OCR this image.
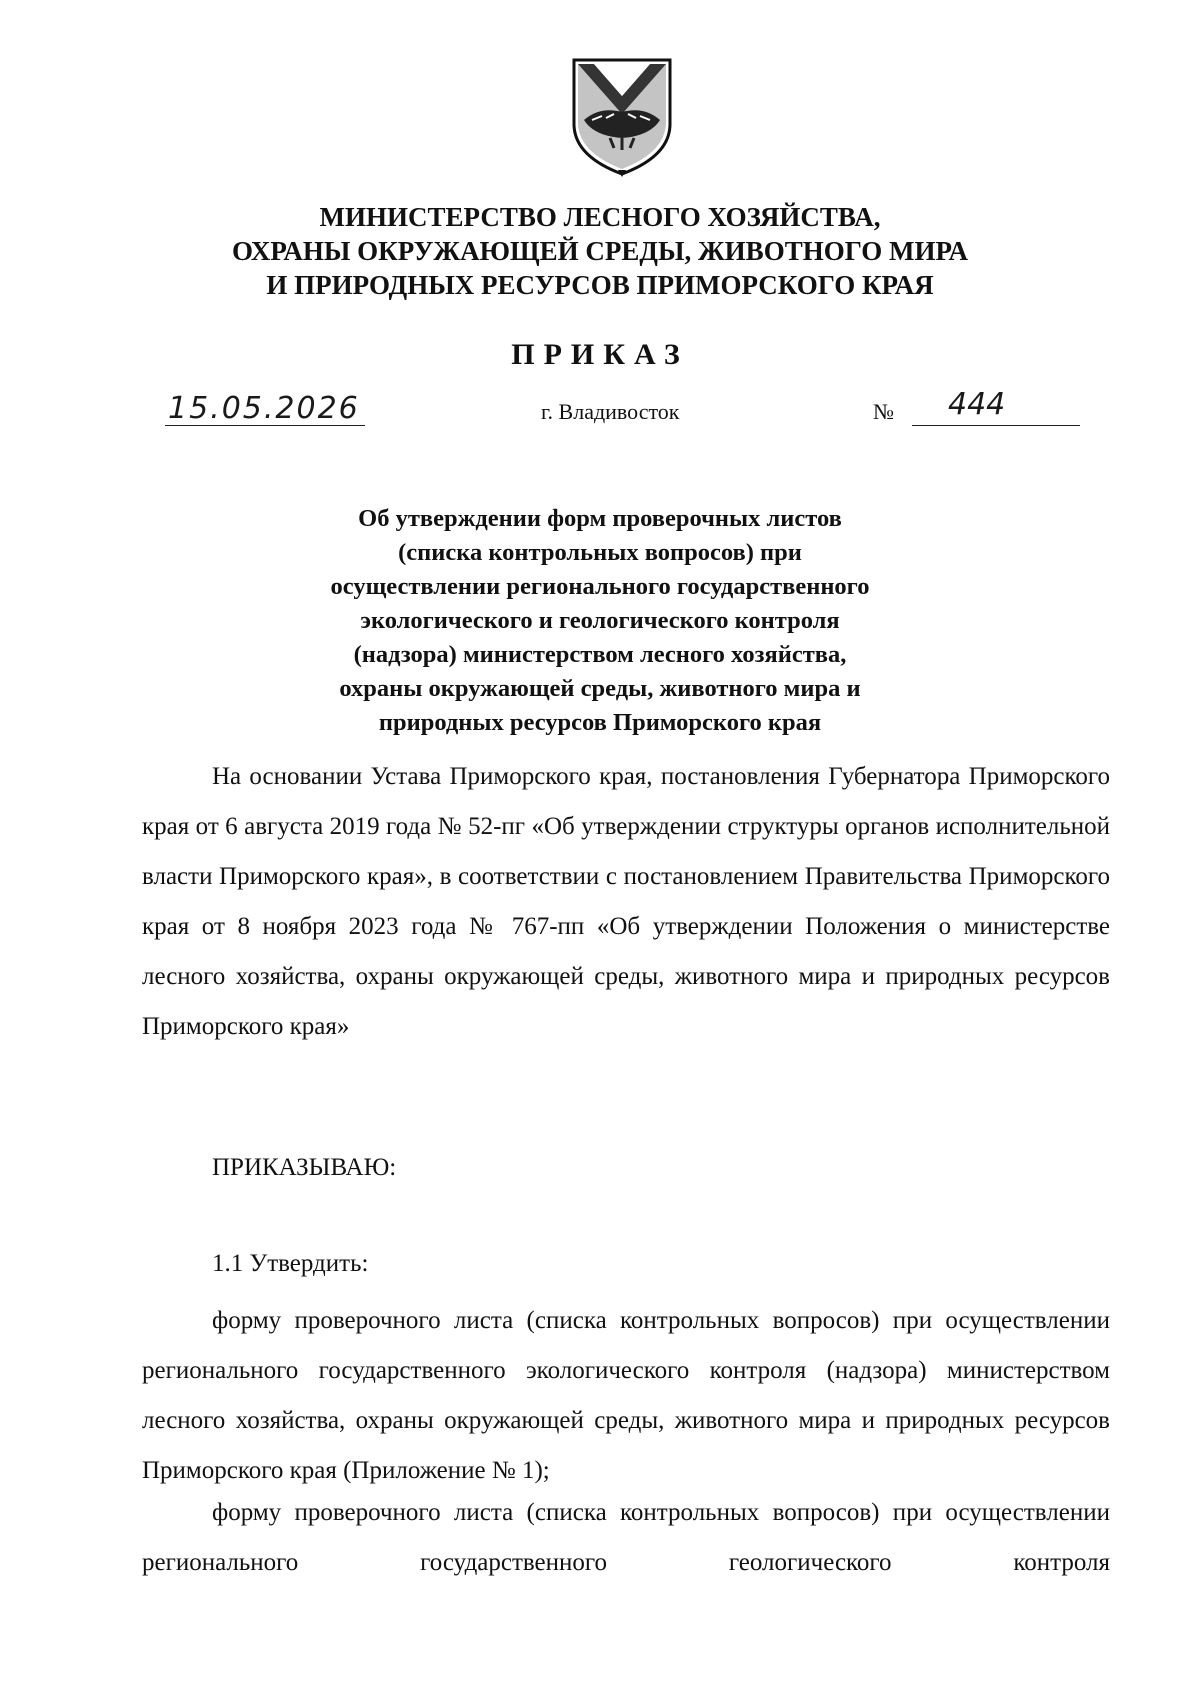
МИНИСТЕРСТВО ЛЕСНОГО ХОЗЯЙСТВА,
ОХРАНЫ ОКРУЖАЮЩЕЙ СРЕДЫ, ЖИВОТНОГО МИРА
И ПРИРОДНЫХ РЕСУРСОВ ПРИМОРСКОГО КРАЯ
ПРИКАЗ
15.05.2026	г. Владивосток	№ 444
Об утверждении форм проверочных листов
(списка контрольных вопросов) при
осуществлении регионального государственного
экологического и геологического контроля
(надзора) министерством лесного хозяйства,
охраны окружающей среды, животного мира и
природных ресурсов Приморского края

На основании Устава Приморского края, постановления Губернатора Приморского края от 6 августа 2019 года № 52-пг «Об утверждении структуры органов исполнительной власти Приморского края», в соответствии с постановлением Правительства Приморского края от 8 ноября 2023 года № 767-пп «Об утверждении Положения о министерстве лесного хозяйства, охраны окружающей среды, животного мира и природных ресурсов Приморского края»

ПРИКАЗЫВАЮ:
1.1 Утвердить:

форму проверочного листа (списка контрольных вопросов) при осуществлении регионального государственного экологического контроля (надзора) министерством лесного хозяйства, охраны окружающей среды, животного мира и природных ресурсов Приморского края (Приложение № 1);

форму проверочного листа (списка контрольных вопросов) при осуществлении регионального государственного геологического контроля
